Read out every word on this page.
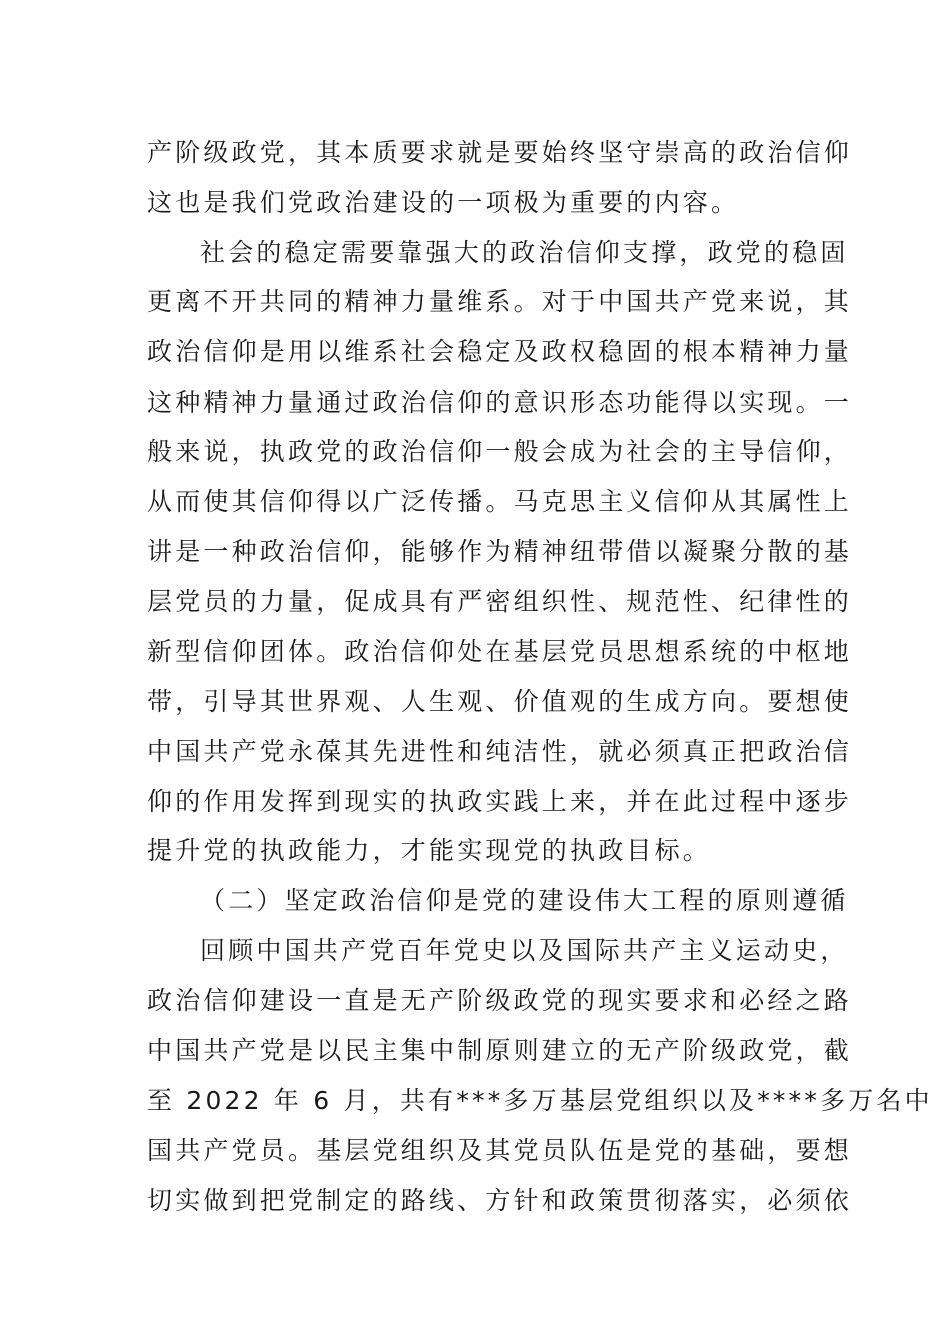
产阶级政党，其本质要求就是要始终坚守崇高的政治信仰
这也是我们党政治建设的一项极为重要的内容。
社会的稳定需要靠强大的政治信仰支撑，政党的稳固
更离不开共同的精神力量维系。对于中国共产党来说，其
政治信仰是用以维系社会稳定及政权稳固的根本精神力量
这种精神力量通过政治信仰的意识形态功能得以实现。一
般来说，执政党的政治信仰一般会成为社会的主导信仰，
从而使其信仰得以广泛传播。马克思主义信仰从其属性上
讲是一种政治信仰，能够作为精神纽带借以凝聚分散的基
层党员的力量，促成具有严密组织性、规范性、纪律性的
新型信仰团体。政治信仰处在基层党员思想系统的中枢地
带，引导其世界观、人生观、价值观的生成方向。要想使
中国共产党永葆其先进性和纯洁性，就必须真正把政治信
仰的作用发挥到现实的执政实践上来，并在此过程中逐步
提升党的执政能力，才能实现党的执政目标。
（二）坚定政治信仰是党的建设伟大工程的原则遵循
回顾中国共产党百年党史以及国际共产主义运动史，
政治信仰建设一直是无产阶级政党的现实要求和必经之路
中国共产党是以民主集中制原则建立的无产阶级政党，截
至 2022 年 6 月，共有***多万基层党组织以及****多万名中
国共产党员。基层党组织及其党员队伍是党的基础，要想
切实做到把党制定的路线、方针和政策贯彻落实，必须依
